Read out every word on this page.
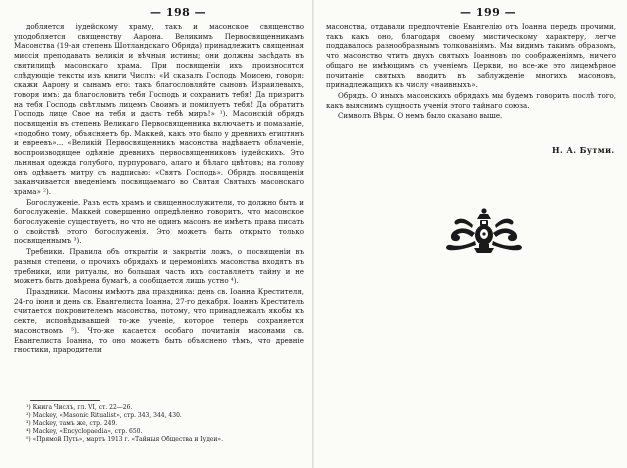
— 198 —

добляется іудейскому храму, такъ и масонское священство уподобляется священству Аарона. Великимъ Первосвященникамъ Масонства (19-ая степень Шотландскаго Обряда) принадлежитъ священная миссія преподавать великія и вѣчныя истины; они должны засѣдать въ святилищѣ масонскаго храма. При посвященіи ихъ произносятся слѣдующіе тексты изъ книги Числъ: «И сказалъ Господь Моисею, говоря: скажи Аарону и сынамъ его: такъ благословляйте сыновъ Израилевыхъ, говоря имъ: да благословитъ тебя Господь и сохранитъ тебя! Да призритъ на тебя Господь свѣтлымъ лицемъ Своимъ и помилуетъ тебя! Да обратитъ Господь лице Свое на тебя и дастъ тебѣ миръ!» ¹). Масонскій обрядъ посвященія въ степень Великаго Первосвященника включаетъ и помазаніе, «подобно тому, объясняетъ бр. Маккей, какъ это было у древнихъ египтянъ и евреевъ»... «Великій Первосвященникъ масонства надѣваетъ облаченіе, воспроизводящее одѣяніе древнихъ первосвященниковъ іудейскихъ. Это льняная одежда голубого, пурпуроваго, алаго и бѣлаго цвѣтовъ; на голову онъ одѣваетъ митру съ надписью: «Святъ Господь». Обрядъ посвященія заканчивается введеніемъ посвящаемаго во Святая Святыхъ масонскаго храма» ²).

Богослуженіе. Разъ есть храмъ и священнослужители, то должно быть и богослуженіе. Маккей совершенно опредѣленно говоритъ, что масонское богослуженіе существуетъ, но что не одинъ масонъ не имѣетъ права писать о свойствѣ этого богослуженія. Это можетъ быть открыто только посвященнымъ ³).

Требники. Правила объ открытіи и закрытіи ложъ, о посвященіи въ разныя степени, о прочихъ обрядахъ и церемоніяхъ масонства входятъ въ требники, или ритуалы, но большая часть ихъ составляетъ тайну и не можетъ быть довѣрена бумагѣ, а сообщается лишь устно ⁴).

Праздники. Масоны имѣютъ два праздника: день св. Іоанна Крестителя, 24-го іюня и день св. Евангелиста Іоанна, 27-го декабря. Іоаннъ Креститель считается покровителемъ масонства, потому, что принадлежалъ якобы къ секте, исповѣдывавшей то-же ученіе, которое теперь сохраняется масонствомъ ⁵). Что-же касается особаго почитанія масонами св. Евангелиста Іоанна, то оно можетъ быть объяснено тѣмъ, что древніе гностики, прародители

¹) Книга Числъ, гл. VI, ст. 22—26.

²) Mackey, «Masonic Ritualist», стр. 343, 344, 430.

³) Mackey, тамъ же, стр. 249.

⁴) Mackey, «Encyclopaedia», стр. 650.

⁵) «Прямой Путь», мартъ 1913 г. «Тайныя Общества и Іудеи».

— 199 —

масонства, отдавали предпочтеніе Евангелію отъ Іоанна передъ прочими, такъ какъ оно, благодаря своему мистическому характеру, легче поддавалось разнообразнымъ толкованіямъ. Мы видимъ такимъ образомъ, что масонство чтитъ двухъ святыхъ Іоанновъ по соображеніямъ, ничего общаго не имѣющимъ съ ученіемъ Церкви, но все-же это лицемѣрное почитаніе святыхъ вводитъ въ заблужденіе многихъ масоновъ, принадлежащихъ къ числу «наивныхъ».

Обрядъ. О иныхъ масонскихъ обрядахъ мы будемъ говорить послѣ того, какъ выяснимъ сущность ученія этого тайнаго союза.

Символъ Вѣры. О немъ было сказано выше.

Н. А. Бутми.
